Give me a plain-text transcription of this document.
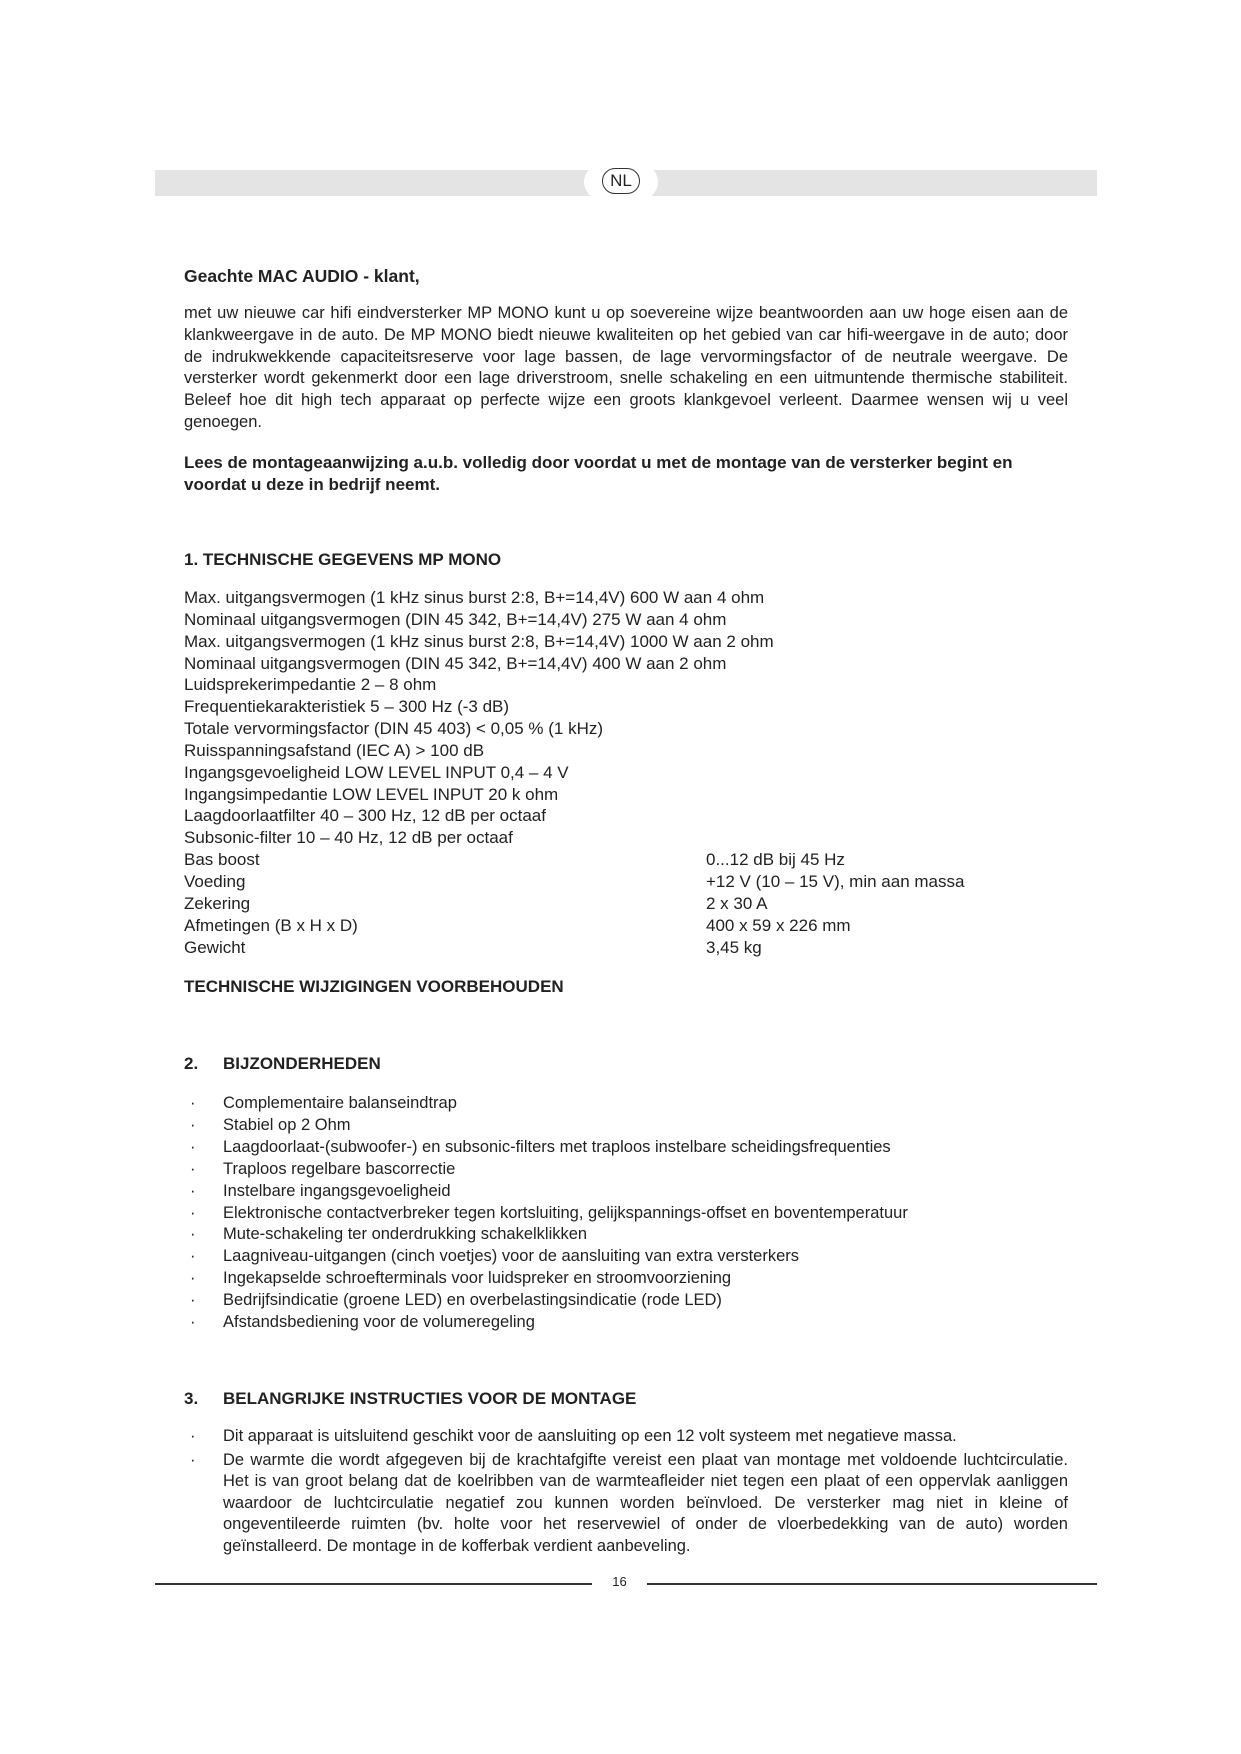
NL
Geachte MAC AUDIO - klant,
met uw nieuwe car hifi eindversterker MP MONO kunt u op soevereine wijze beantwoorden aan uw hoge eisen aan de klankweergave in de auto. De MP MONO biedt nieuwe kwaliteiten op het gebied van car hifi-weergave in de auto; door de indrukwekkende capaciteitsreserve voor lage bassen, de lage vervormingsfactor of de neutrale weergave. De versterker wordt gekenmerkt door een lage driverstroom, snelle schakeling en een uitmuntende thermische stabiliteit. Beleef hoe dit high tech apparaat op perfecte wijze een groots klankgevoel verleent. Daarmee wensen wij u veel genoegen.
Lees de montageaanwijzing a.u.b. volledig door voordat u met de montage van de versterker begint en voordat u deze in bedrijf neemt.
1. TECHNISCHE GEGEVENS MP MONO
Max. uitgangsvermogen (1 kHz sinus burst 2:8, B+=14,4V) 600 W aan 4 ohm
Nominaal uitgangsvermogen (DIN 45 342, B+=14,4V) 275 W aan 4 ohm
Max. uitgangsvermogen (1 kHz sinus burst 2:8, B+=14,4V) 1000 W aan 2 ohm
Nominaal uitgangsvermogen (DIN 45 342, B+=14,4V) 400 W aan 2 ohm
Luidsprekerimpedantie 2 – 8 ohm
Frequentiekarakteristiek 5 – 300 Hz (-3 dB)
Totale vervormingsfactor (DIN 45 403) < 0,05 % (1 kHz)
Ruisspanningsafstand (IEC A) > 100 dB
Ingangsgevoeligheid LOW LEVEL INPUT 0,4 – 4 V
Ingangsimpedantie LOW LEVEL INPUT 20 k ohm
Laagdoorlaatfilter 40 – 300 Hz, 12 dB per octaaf
Subsonic-filter 10 – 40 Hz, 12 dB per octaaf
Bas boost	0...12 dB bij 45 Hz
Voeding	+12 V (10 – 15 V), min aan massa
Zekering	2 x 30 A
Afmetingen (B x H x D)	400 x 59 x 226 mm
Gewicht	3,45 kg
TECHNISCHE WIJZIGINGEN VOORBEHOUDEN
2. BIJZONDERHEDEN
· Complementaire balanseindtrap
· Stabiel op 2 Ohm
· Laagdoorlaat-(subwoofer-) en subsonic-filters met traploos instelbare scheidingsfrequenties
· Traploos regelbare bascorrectie
· Instelbare ingangsgevoeligheid
· Elektronische contactverbreker tegen kortsluiting, gelijkspannings-offset en boventemperatuur
· Mute-schakeling ter onderdrukking schakelklikken
· Laagniveau-uitgangen (cinch voetjes) voor de aansluiting van extra versterkers
· Ingekapselde schroefterminals voor luidspreker en stroomvoorziening
· Bedrijfsindicatie (groene LED) en overbelastingsindicatie (rode LED)
· Afstandsbediening voor de volumeregeling
3. BELANGRIJKE INSTRUCTIES VOOR DE MONTAGE
· Dit apparaat is uitsluitend geschikt voor de aansluiting op een 12 volt systeem met negatieve massa.
· De warmte die wordt afgegeven bij de krachtafgifte vereist een plaat van montage met voldoende luchtcirculatie. Het is van groot belang dat de koelribben van de warmteafleider niet tegen een plaat of een oppervlak aanliggen waardoor de luchtcirculatie negatief zou kunnen worden beïnvloed. De versterker mag niet in kleine of ongeventileerde ruimten (bv. holte voor het reservewiel of onder de vloerbedekking van de auto) worden geïnstalleerd. De montage in de kofferbak verdient aanbeveling.
16
